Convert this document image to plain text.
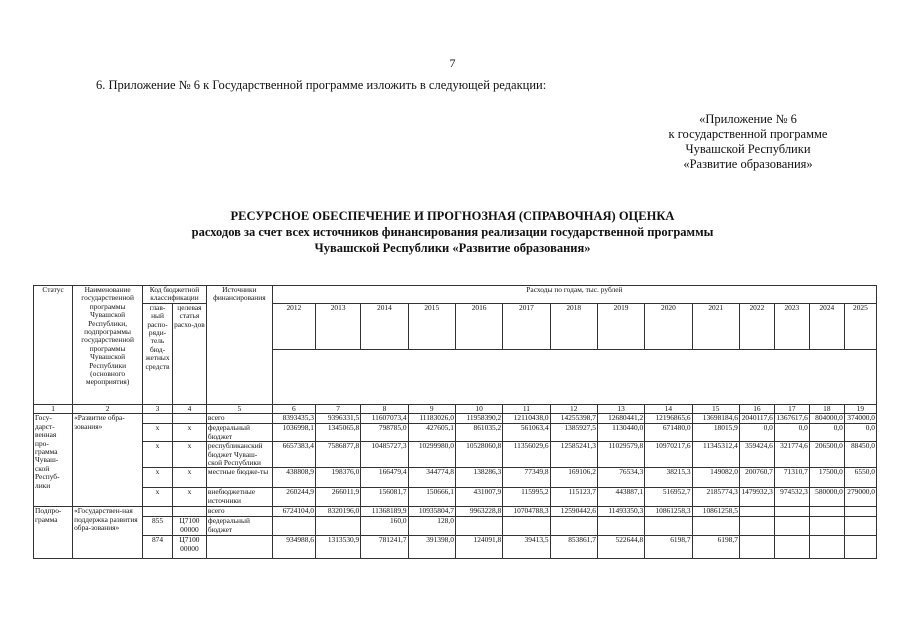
7
6. Приложение № 6 к Государственной программе изложить в следующей редакции:
«Приложение № 6
к государственной программе
Чувашской Республики
«Развитие образования»
РЕСУРСНОЕ ОБЕСПЕЧЕНИЕ И ПРОГНОЗНАЯ (СПРАВОЧНАЯ) ОЦЕНКА
расходов за счет всех источников финансирования реализации государственной программы
Чувашской Республики «Развитие образования»
Статус	Наименование государственной программы Чувашской Республики, подпрограммы государственной программы Чувашской Республики (основного мероприятия)	Код бюджетной классификации		Источники финансирования	Расходы по годам, тыс. рублей													
		глав-ный распо-ряди-тель бюд-жетных средств	целевая статья расхо-дов		2012	2013	2014	2015	2016	2017	2018	2019	2020	2021	2022	2023	2024	2025

1	2	3	4	5	6	7	8	9	10	11	12	13	14	15	16	17	18	19
Госу-дарст-венная про-грамма Чуваш-ской Респуб-лики	«Развитие обра-зования»			всего	8393435,3	9396331,5	11607073,4	11183026,0	11958390,2	12110438,0	14255398,7	12680441,2	12196865,6	13698184,6	2040117,6	1367617,6	804000,0	374000,0
		х	х	федеральный бюджет	1036998,1	1345065,8	798785,0	427605,1	861035,2	561063,4	1385927,5	1130440,0	671480,0	18015,9	0,0	0,0	0,0	0,0
		х	х	республиканский бюджет Чуваш-ской Республики	6657383,4	7586877,8	10485727,3	10299980,0	10528060,8	11356029,6	12585241,3	11029579,8	10970217,6	11345312,4	359424,6	321774,6	206500,0	88450,0
		х	х	местные бюдже-ты	438808,9	198376,0	166479,4	344774,8	138286,3	77349,8	169106,2	76534,3	38215,3	149082,0	200760,7	71310,7	17500,0	6550,0
		х	х	внебюджетные источники	260244,9	266011,9	156081,7	150666,1	431007,9	115995,2	115123,7	443887,1	516952,7	2185774,3	1479932,3	974532,3	580000,0	279000,0
Подпро-грамма	«Государствен-ная поддержка развития обра-зования»			всего	6724104,0	8320196,0	11368189,9	10935804,7	9963228,8	10704788,3	12590442,6	11493350,3	10861258,3	10861258,5				
		855	Ц7100 00000	федеральный бюджет			160,0	128,0										
		874	Ц7100 00000		934988,6	1313530,9	781241,7	391398,0	124091,8	39413,5	853861,7	522644,8	6198,7	6198,7				
